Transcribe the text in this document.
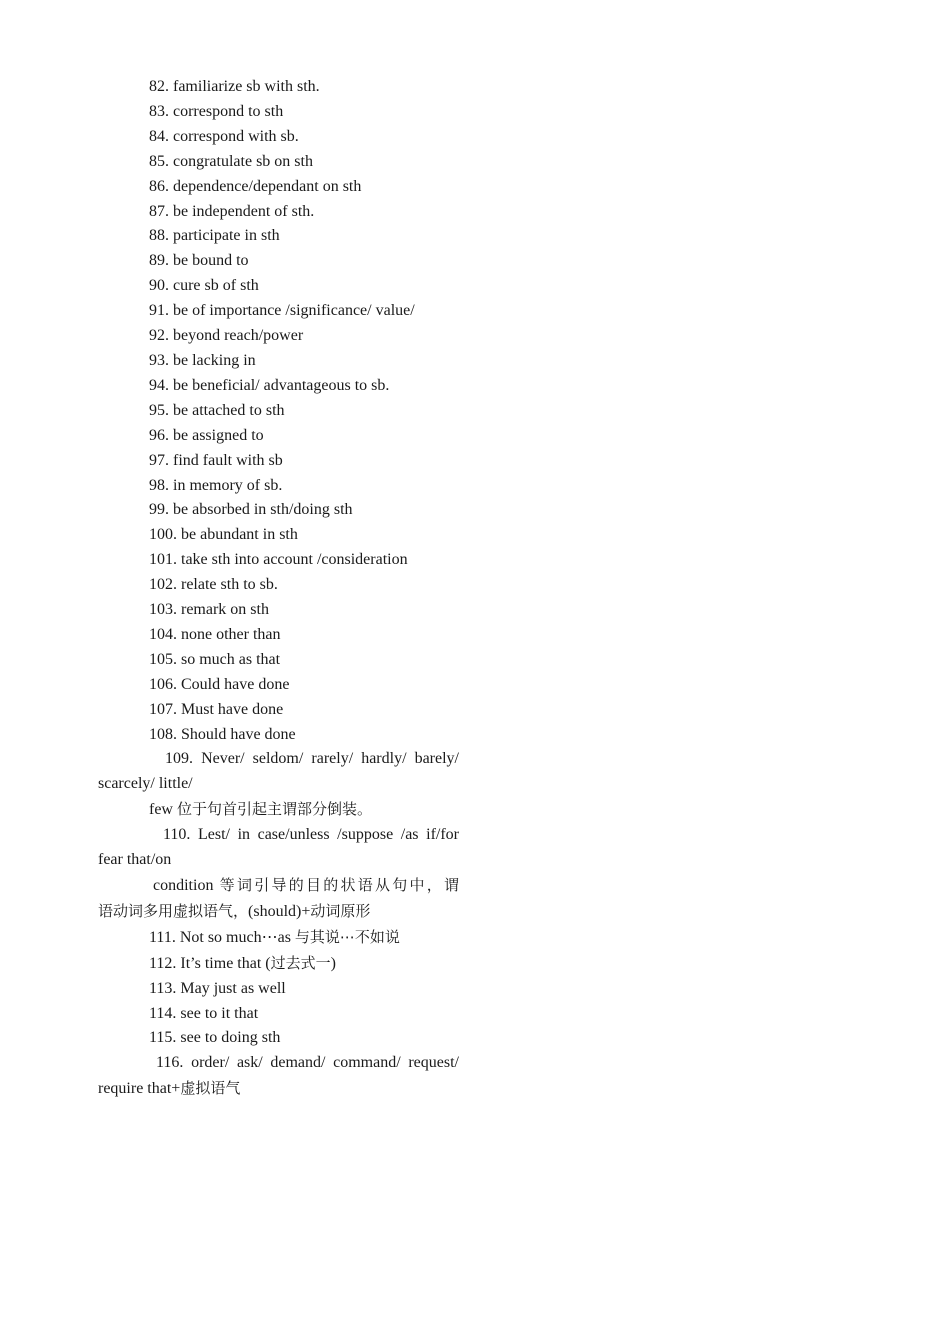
82. familiarize sb with sth.
83. correspond to sth
84. correspond with sb.
85. congratulate sb on sth
86. dependence/dependant on sth
87. be independent of sth.
88. participate in sth
89. be bound to
90. cure sb of sth
91. be of importance /significance/ value/
92. beyond reach/power
93. be lacking in
94. be beneficial/ advantageous to sb.
95. be attached to sth
96. be assigned to
97. find fault with sb
98. in memory of sb.
99. be absorbed in sth/doing sth
100. be abundant in sth
101. take sth into account /consideration
102. relate sth to sb.
103. remark on sth
104. none other than
105. so much as that
106. Could have done
107. Must have done
108. Should have done
109. Never/ seldom/ rarely/ hardly/ barely/
scarcely/ little/
few 位于句首引起主谓部分倒装。
110. Lest/ in case/unless /suppose /as if/for
fear that/on
condition 等词引导的目的状语从句中，谓
语动词多用虚拟语气，(should)+动词原形
111. Not so much⋯as 与其说⋯不如说
112. It’s time that (过去式一)
113. May just as well
114. see to it that
115. see to doing sth
116. order/ ask/ demand/ command/ request/
require that+虚拟语气
